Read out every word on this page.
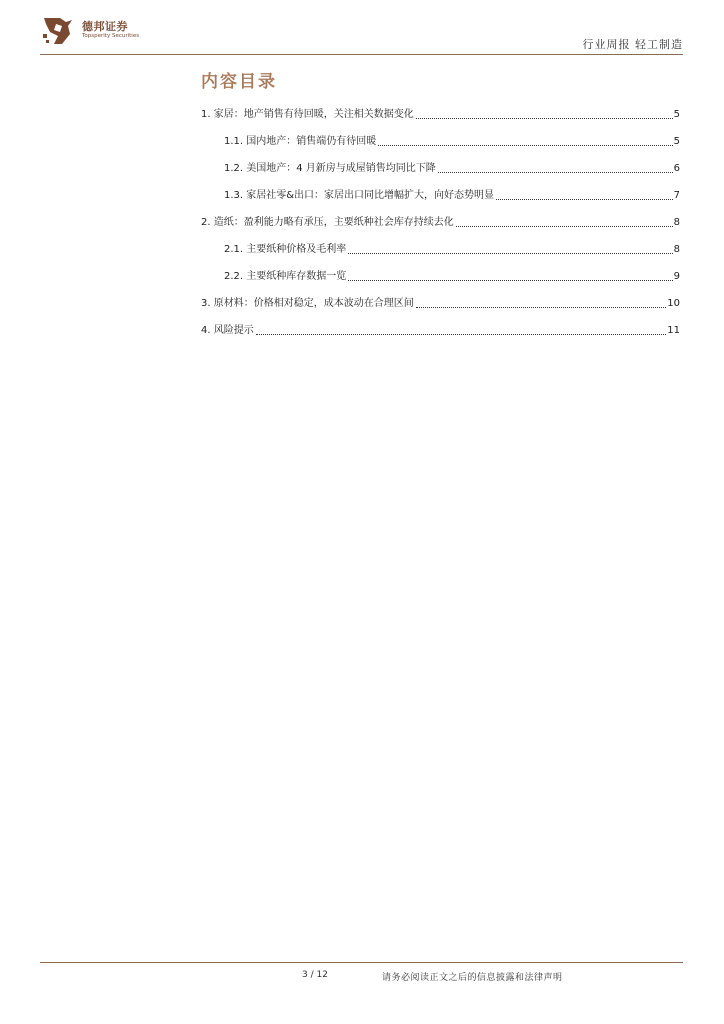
德邦证券
Topsperity Securities
行业周报 轻工制造
内容目录
1. 家居：地产销售有待回暖，关注相关数据变化	5
1.1. 国内地产：销售端仍有待回暖	5
1.2. 美国地产：4 月新房与成屋销售均同比下降	6
1.3. 家居社零&出口：家居出口同比增幅扩大，向好态势明显	7
2. 造纸：盈利能力略有承压，主要纸种社会库存持续去化	8
2.1. 主要纸种价格及毛利率	8
2.2. 主要纸种库存数据一览	9
3. 原材料：价格相对稳定，成本波动在合理区间	10
4. 风险提示	11
3 / 12	请务必阅读正文之后的信息披露和法律声明
